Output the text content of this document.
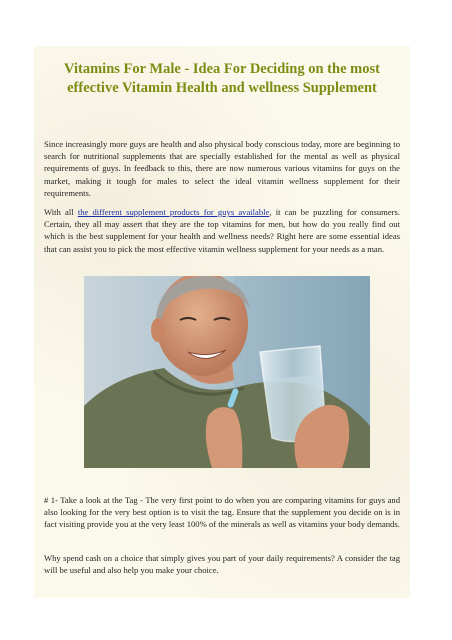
Vitamins For Male - Idea For Deciding on the most effective Vitamin Health and wellness Supplement

Since increasingly more guys are health and also physical body conscious today, more are beginning to search for nutritional supplements that are specially established for the mental as well as physical requirements of guys. In feedback to this, there are now numerous various vitamins for guys on the market, making it tough for males to select the ideal vitamin wellness supplement for their requirements.

With all the different supplement products for guys available, it can be puzzling for consumers. Certain, they all may assert that they are the top vitamins for men, but how do you really find out which is the best supplement for your health and wellness needs? Right here are some essential ideas that can assist you to pick the most effective vitamin wellness supplement for your needs as a man.

# 1- Take a look at the Tag - The very first point to do when you are comparing vitamins for guys and also looking for the very best option is to visit the tag. Ensure that the supplement you decide on is in fact visiting provide you at the very least 100% of the minerals as well as vitamins your body demands.

Why spend cash on a choice that simply gives you part of your daily requirements? A consider the tag will be useful and also help you make your choice.
